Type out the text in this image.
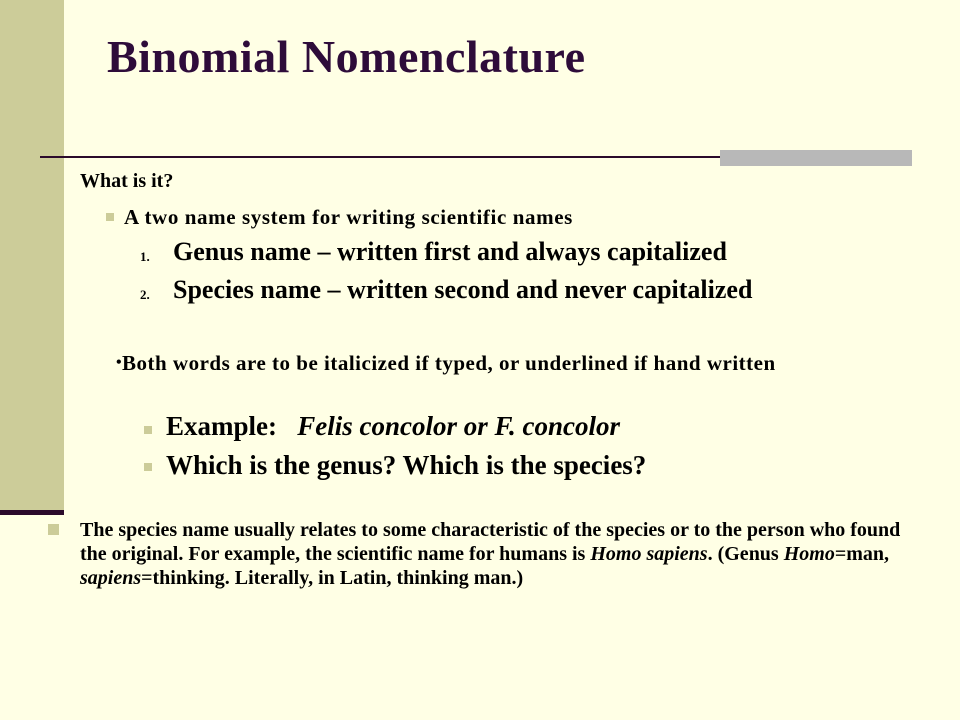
Binomial Nomenclature

What is it?

A two name system for writing scientific names

1. Genus name – written first and always capitalized

2. Species name – written second and never capitalized

• Both words are to be italicized if typed, or underlined if hand written

Example: Felis concolor or F. concolor

Which is the genus? Which is the species?

The species name usually relates to some characteristic of the species or to the person who found the original. For example, the scientific name for humans is Homo sapiens. (Genus Homo=man, sapiens=thinking. Literally, in Latin, thinking man.)
